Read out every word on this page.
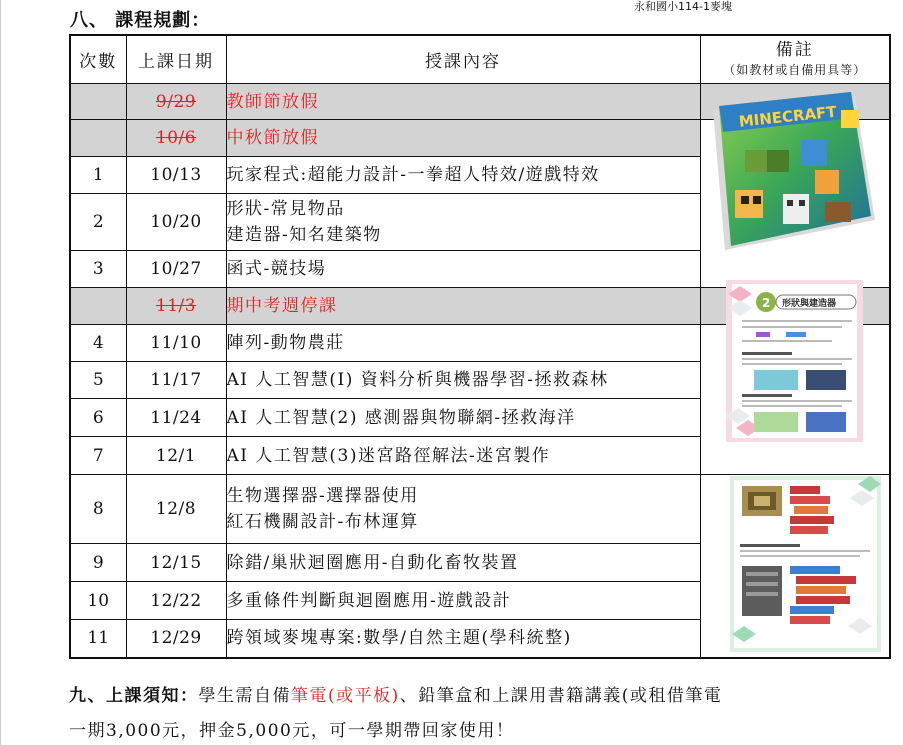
八、 課程規劃：
永和國小114-1麥塊
次數	上課日期	授課內容	備註
（如教材或自備用具等）

	9/29	教師節放假	

	10/6	中秋節放假	

1	10/13	玩家程式:超能力設計-一拳超人特效/遊戲特效	

2	10/20	形狀-常見物品
建造器-知名建築物	

3	10/27	函式-競技場	

	11/3	期中考週停課	

4	11/10	陣列-動物農莊	

5	11/17	AI 人工智慧(I) 資料分析與機器學習-拯救森林	

6	11/24	AI 人工智慧(2) 感測器與物聯網-拯救海洋	

7	12/1	AI 人工智慧(3)迷宮路徑解法-迷宮製作	

8	12/8	生物選擇器-選擇器使用
紅石機關設計-布林運算	

9	12/15	除錯/巢狀迴圈應用-自動化畜牧裝置	

10	12/22	多重條件判斷與迴圈應用-遊戲設計	

11	12/29	跨領域麥塊專案:數學/自然主題(學科統整)	
MINECRAFT
2 形狀與建造器
九、上課須知：學生需自備筆電(或平板)、鉛筆盒和上課用書籍講義(或租借筆電
一期3,000元，押金5,000元，可一學期帶回家使用！
